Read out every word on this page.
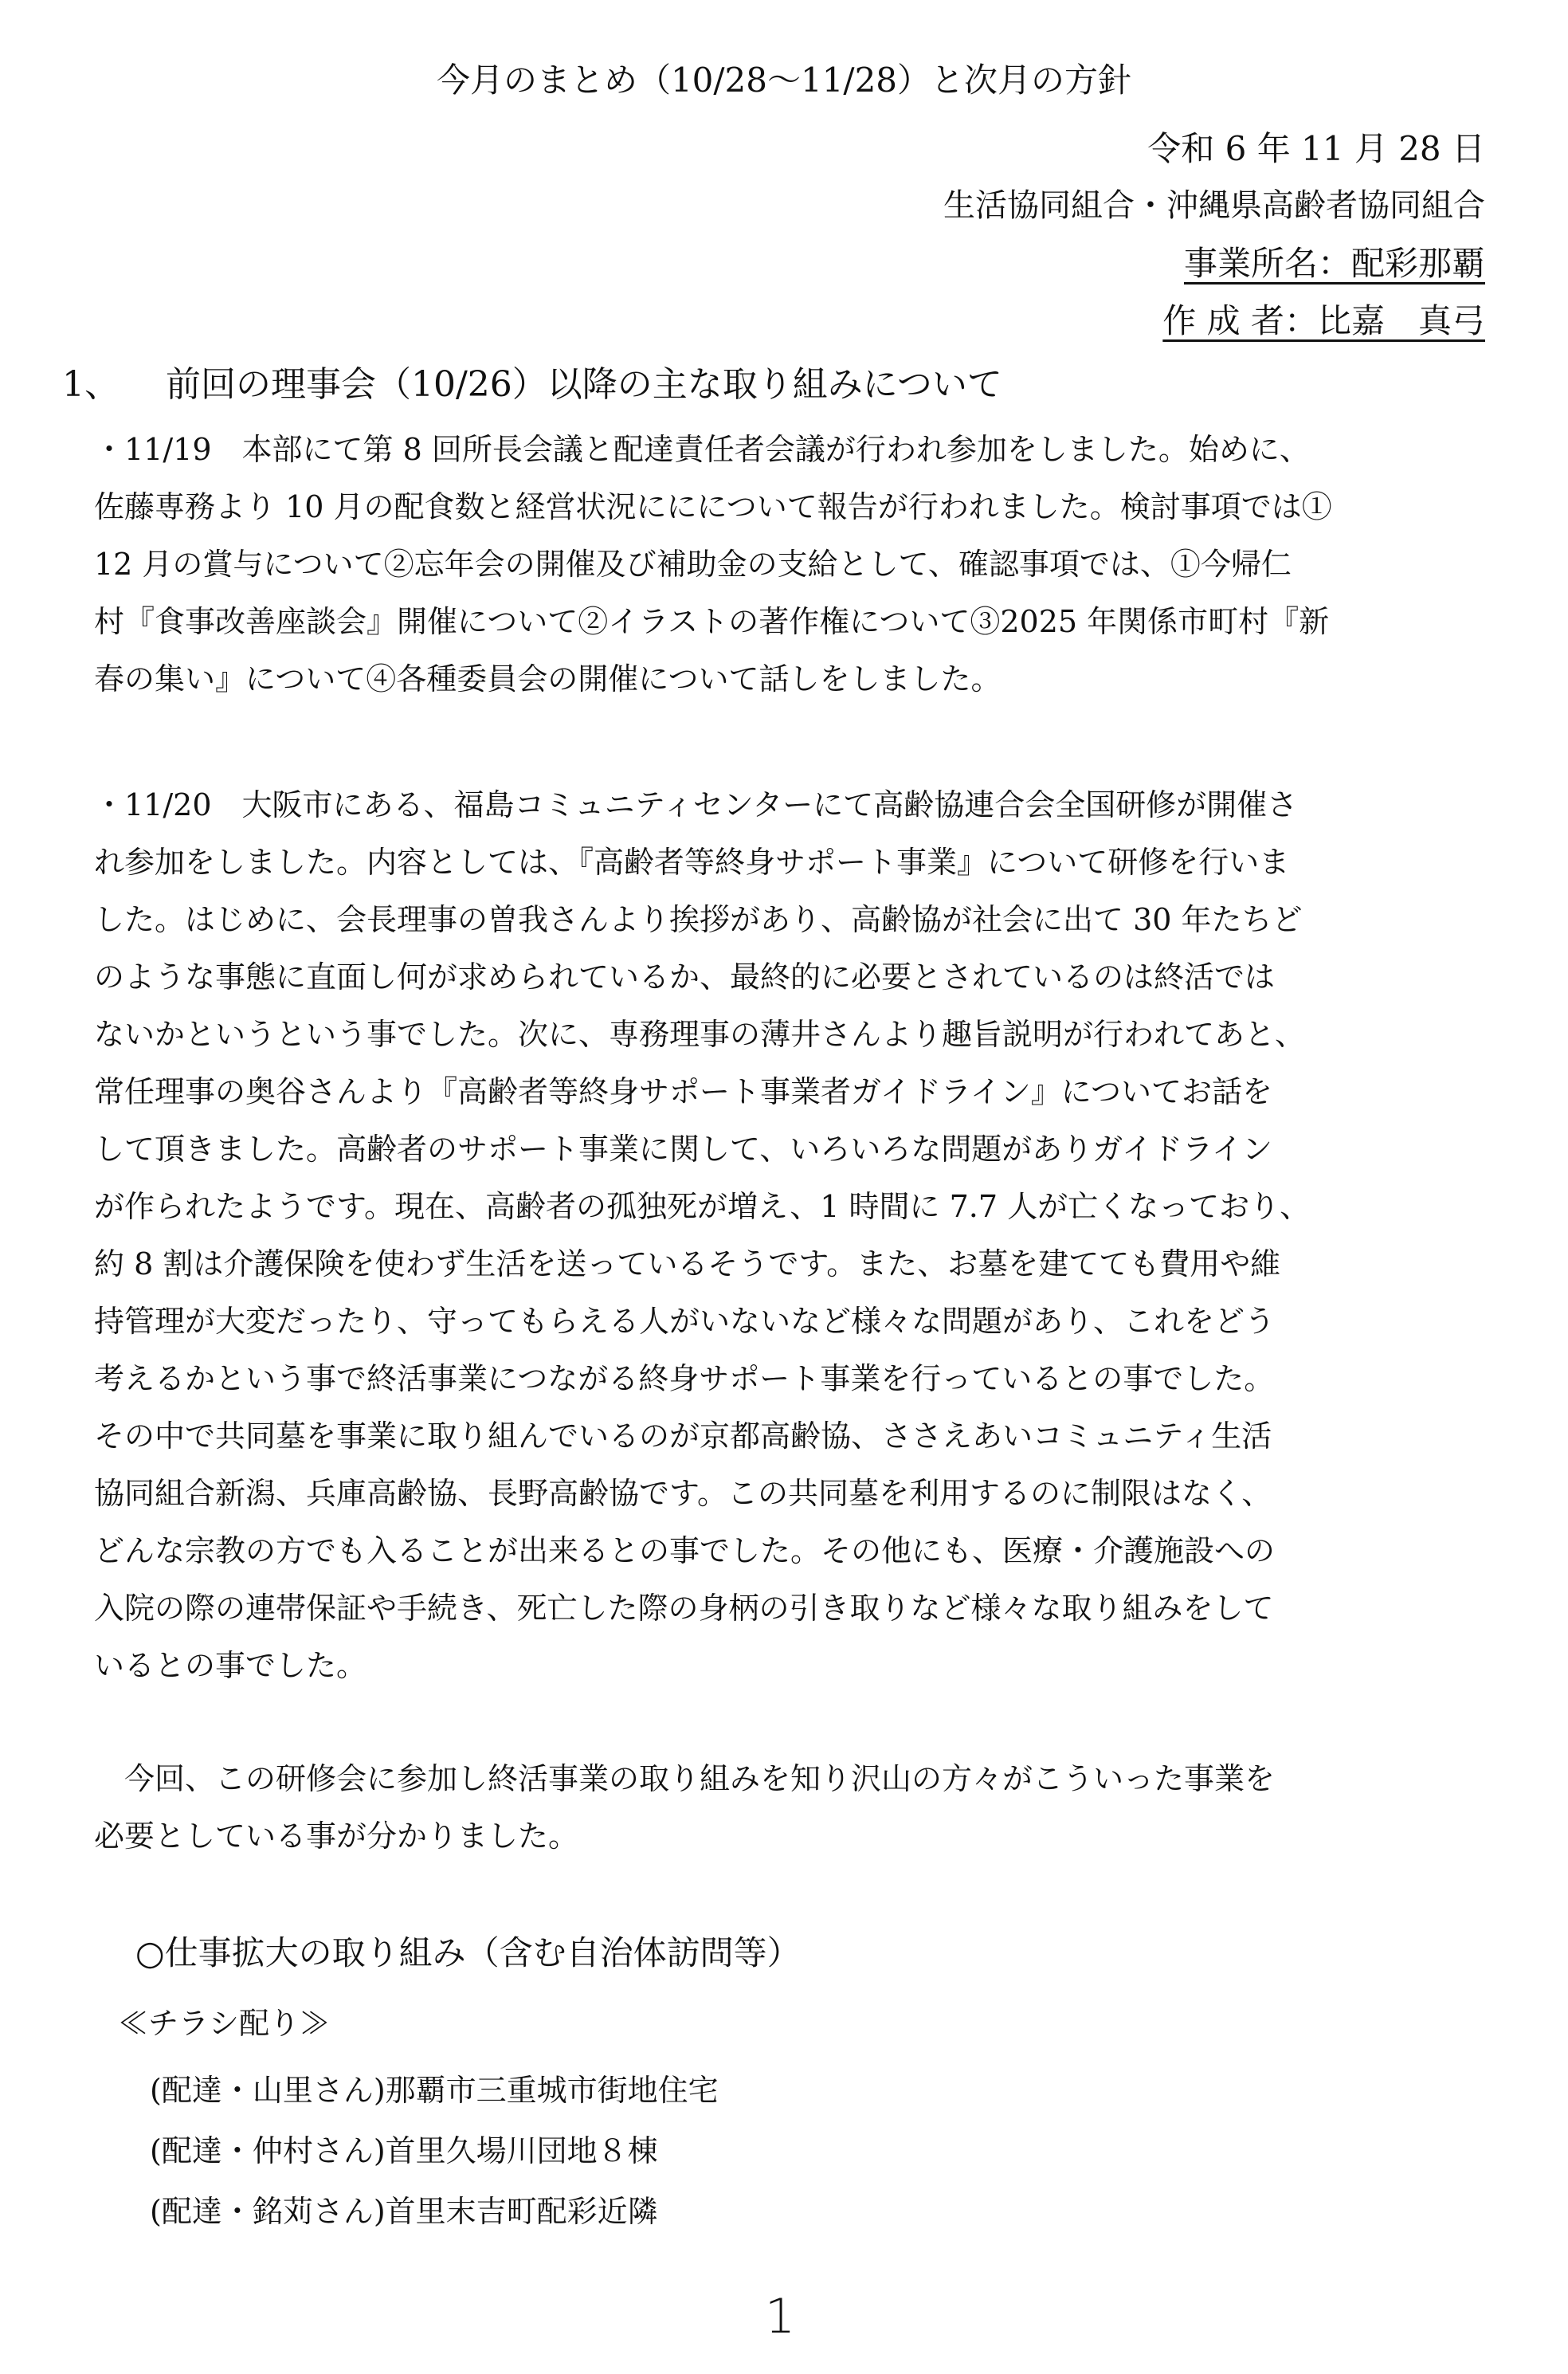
今月のまとめ（10/28～11/28）と次月の方針
令和 6 年 11 月 28 日
生活協同組合・沖縄県高齢者協同組合
事業所名：配彩那覇
作 成 者：比嘉　真弓
1、 前回の理事会（10/26）以降の主な取り組みについて
・11/19　本部にて第 8 回所長会議と配達責任者会議が行われ参加をしました。始めに、
佐藤専務より 10 月の配食数と経営状況ににについて報告が行われました。検討事項では①
12 月の賞与について②忘年会の開催及び補助金の支給として、確認事項では、①今帰仁
村『食事改善座談会』開催について②イラストの著作権について③2025 年関係市町村『新
春の集い』について④各種委員会の開催について話しをしました。
・11/20　大阪市にある、福島コミュニティセンターにて高齢協連合会全国研修が開催さ
れ参加をしました。内容としては、『高齢者等終身サポート事業』について研修を行いま
した。はじめに、会長理事の曽我さんより挨拶があり、高齢協が社会に出て 30 年たちど
のような事態に直面し何が求められているか、最終的に必要とされているのは終活では
ないかというという事でした。次に、専務理事の薄井さんより趣旨説明が行われてあと、
常任理事の奥谷さんより『高齢者等終身サポート事業者ガイドライン』についてお話を
して頂きました。高齢者のサポート事業に関して、いろいろな問題がありガイドライン
が作られたようです。現在、高齢者の孤独死が増え、1 時間に 7.7 人が亡くなっており、
約 8 割は介護保険を使わず生活を送っているそうです。また、お墓を建てても費用や維
持管理が大変だったり、守ってもらえる人がいないなど様々な問題があり、これをどう
考えるかという事で終活事業につながる終身サポート事業を行っているとの事でした。
その中で共同墓を事業に取り組んでいるのが京都高齢協、ささえあいコミュニティ生活
協同組合新潟、兵庫高齢協、長野高齢協です。この共同墓を利用するのに制限はなく、
どんな宗教の方でも入ることが出来るとの事でした。その他にも、医療・介護施設への
入院の際の連帯保証や手続き、死亡した際の身柄の引き取りなど様々な取り組みをして
いるとの事でした。
　今回、この研修会に参加し終活事業の取り組みを知り沢山の方々がこういった事業を
必要としている事が分かりました。
○仕事拡大の取り組み（含む自治体訪問等）
≪チラシ配り≫
(配達・山里さん)那覇市三重城市街地住宅
(配達・仲村さん)首里久場川団地８棟
(配達・銘苅さん)首里末吉町配彩近隣
1
